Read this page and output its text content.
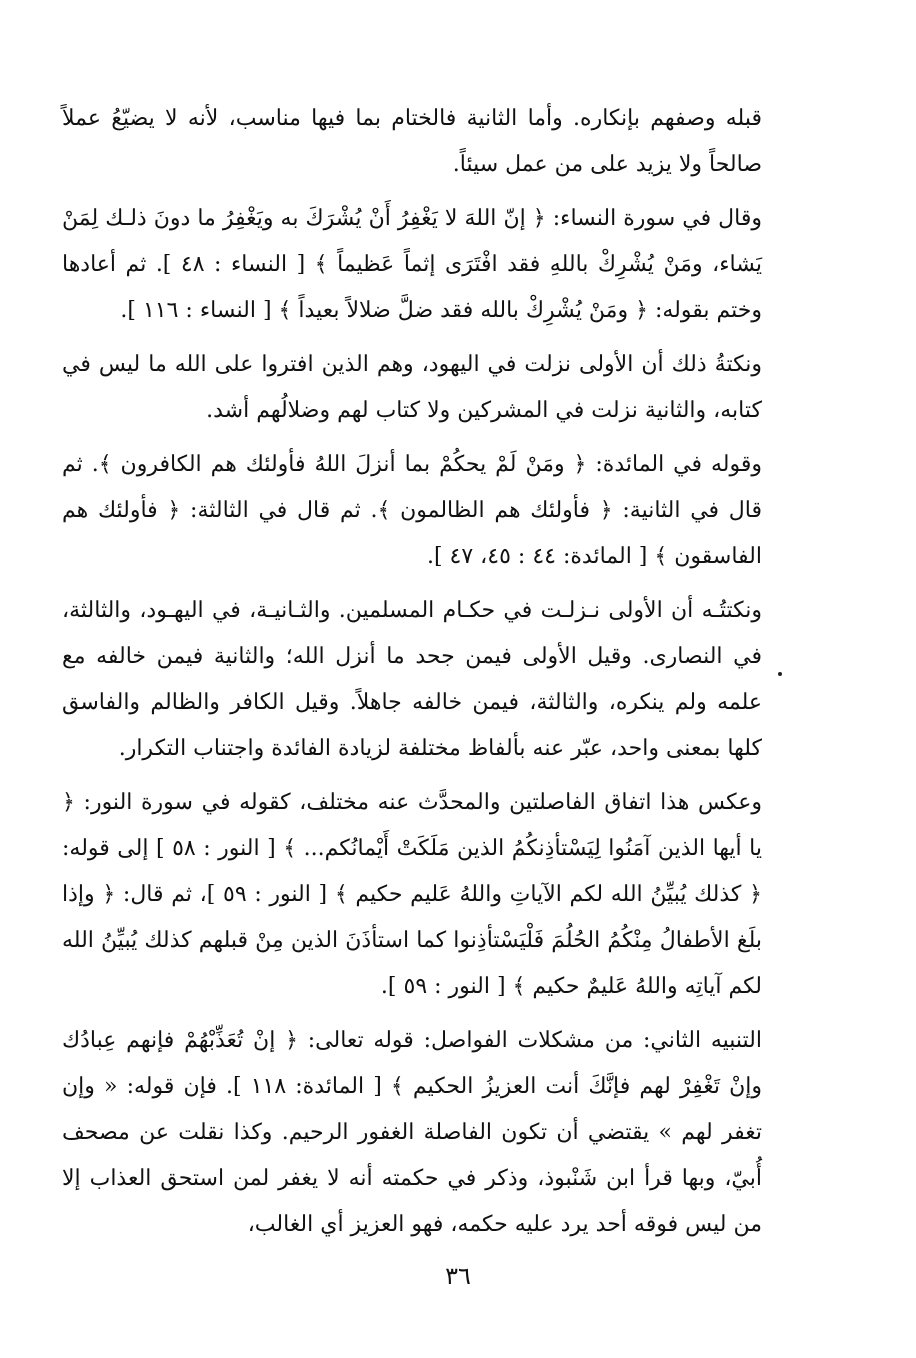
قبله وصفهم بإنكاره. وأما الثانية فالختام بما فيها مناسب، لأنه لا يضيّعُ عملاً صالحاً ولا يزيد على من عمل سيئاً.

وقال في سورة النساء: ﴿ إنّ اللهَ لا يَغْفِرُ أَنْ يُشْرَكَ به ويَغْفِرُ ما دونَ ذلـك لِمَنْ يَشاء، ومَنْ يُشْرِكْ باللهِ فقد افْتَرَى إثماً عَظيماً ﴾ [ النساء : ٤٨ ]. ثم أعادها وختم بقوله: ﴿ ومَنْ يُشْرِكْ بالله فقد ضلَّ ضلالاً بعيداً ﴾ [ النساء : ١١٦ ].

ونكتةُ ذلك أن الأولى نزلت في اليهود، وهم الذين افتروا على الله ما ليس في كتابه، والثانية نزلت في المشركين ولا كتاب لهم وضلالُهم أشد.

وقوله في المائدة: ﴿ ومَنْ لَمْ يحكُمْ بما أنزلَ اللهُ فأولئك هم الكافرون ﴾. ثم قال في الثانية: ﴿ فأولئك هم الظالمون ﴾. ثم قال في الثالثة: ﴿ فأولئك هم الفاسقون ﴾ [ المائدة: ٤٤ : ٤٥، ٤٧ ].

ونكتتُـه أن الأولى نـزلـت في حكـام المسلمين. والثـانيـة، في اليهـود، والثالثة، في النصارى. وقيل الأولى فيمن جحد ما أنزل الله؛ والثانية فيمن خالفه مع علمه ولم ينكره، والثالثة، فيمن خالفه جاهلاً. وقيل الكافر والظالم والفاسق كلها بمعنى واحد، عبّر عنه بألفاظ مختلفة لزيادة الفائدة واجتناب التكرار.

وعكس هذا اتفاق الفاصلتين والمحدَّث عنه مختلف، كقوله في سورة النور: ﴿ يا أيها الذين آمَنُوا لِيَسْتأذِنكُمُ الذين مَلَكَتْ أَيْمانُكم... ﴾ [ النور : ٥٨ ] إلى قوله: ﴿ كذلك يُبيِّنُ الله لكم الآياتِ واللهُ عَليم حكيم ﴾ [ النور : ٥٩ ]، ثم قال: ﴿ وإذا بلَغ الأطفالُ مِنْكُمُ الحُلُمَ فَلْيَسْتأذِنوا كما استأذَنَ الذين مِنْ قبلهم كذلك يُبيِّنُ الله لكم آياتِه واللهُ عَليمٌ حكيم ﴾ [ النور : ٥٩ ].

التنبيه الثاني: من مشكلات الفواصل: قوله تعالى: ﴿ إنْ تُعَذِّبْهُمْ فإنهم عِبادُك وإنْ تَغْفِرْ لهم فإنَّكَ أنت العزيزُ الحكيم ﴾ [ المائدة: ١١٨ ]. فإن قوله: « وإن تغفر لهم » يقتضي أن تكون الفاصلة الغفور الرحيم. وكذا نقلت عن مصحف أُبيّ، وبها قرأ ابن شَنْبوذ، وذكر في حكمته أنه لا يغفر لمن استحق العذاب إلا من ليس فوقه أحد يرد عليه حكمه، فهو العزيز أي الغالب،

٣٦
